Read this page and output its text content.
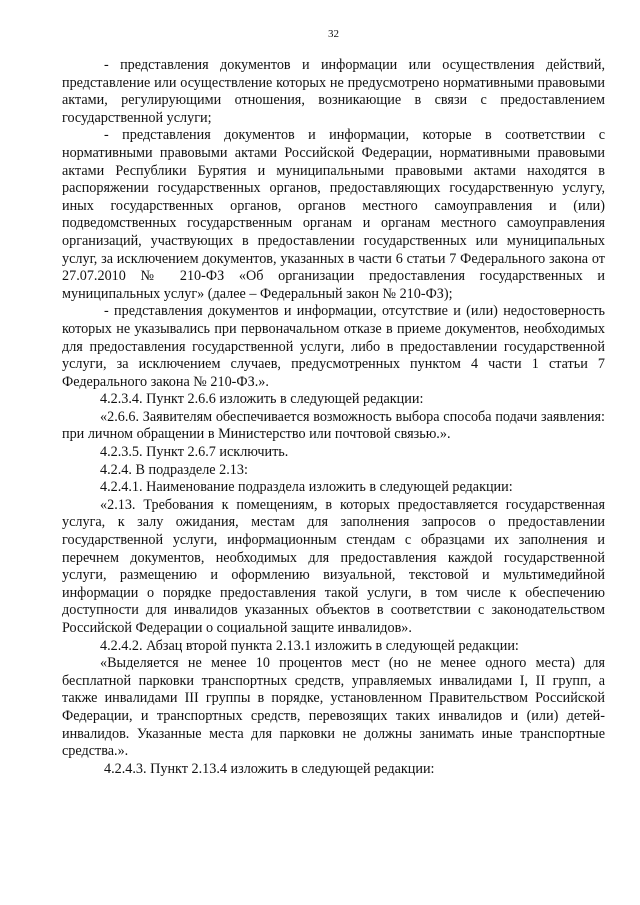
32

- представления документов и информации или осуществления действий, представление или осуществление которых не предусмотрено нормативными правовыми актами, регулирующими отношения, возникающие в связи с предоставлением государственной услуги;

- представления документов и информации, которые в соответствии с нормативными правовыми актами Российской Федерации, нормативными правовыми актами Республики Бурятия и муниципальными правовыми актами находятся в распоряжении государственных органов, предоставляющих государственную услугу, иных государственных органов, органов местного самоуправления и (или) подведомственных государственным органам и органам местного самоуправления организаций, участвующих в предоставлении государственных или муниципальных услуг, за исключением документов, указанных в части 6 статьи 7 Федерального закона от 27.07.2010 № 210-ФЗ «Об организации предоставления государственных и муниципальных услуг» (далее – Федеральный закон № 210-ФЗ);

- представления документов и информации, отсутствие и (или) недостоверность которых не указывались при первоначальном отказе в приеме документов, необходимых для предоставления государственной услуги, либо в предоставлении государственной услуги, за исключением случаев, предусмотренных пунктом 4 части 1 статьи 7 Федерального закона № 210-ФЗ.».

4.2.3.4. Пункт 2.6.6 изложить в следующей редакции:

«2.6.6. Заявителям обеспечивается возможность выбора способа подачи заявления: при личном обращении в Министерство или почтовой связью.».

4.2.3.5. Пункт 2.6.7 исключить.

4.2.4. В подразделе 2.13:

4.2.4.1. Наименование подраздела изложить в следующей редакции:

«2.13. Требования к помещениям, в которых предоставляется государственная услуга, к залу ожидания, местам для заполнения запросов о предоставлении государственной услуги, информационным стендам с образцами их заполнения и перечнем документов, необходимых для предоставления каждой государственной услуги, размещению и оформлению визуальной, текстовой и мультимедийной информации о порядке предоставления такой услуги, в том числе к обеспечению доступности для инвалидов указанных объектов в соответствии с законодательством Российской Федерации о социальной защите инвалидов».

4.2.4.2. Абзац второй пункта 2.13.1 изложить в следующей редакции:

«Выделяется не менее 10 процентов мест (но не менее одного места) для бесплатной парковки транспортных средств, управляемых инвалидами I, II групп, а также инвалидами III группы в порядке, установленном Правительством Российской Федерации, и транспортных средств, перевозящих таких инвалидов и (или) детей-инвалидов. Указанные места для парковки не должны занимать иные транспортные средства.».

4.2.4.3. Пункт 2.13.4 изложить в следующей редакции:
